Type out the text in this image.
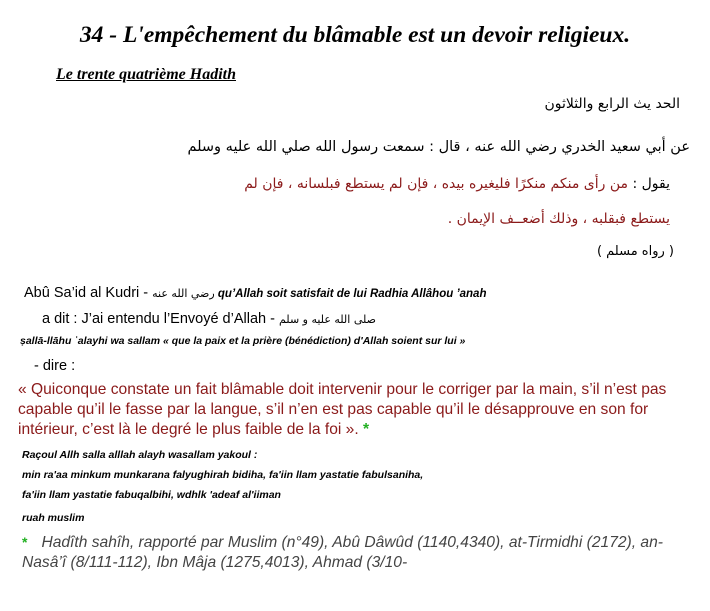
34 - L'empêchement du blâmable est un devoir religieux.
Le trente quatrième Hadith
الحد يث الرابع والثلاثون
عن أبي سعيد الخدري رضي الله عنه ، قال : سمعت رسول الله صلي الله عليه وسلم
يقول : من رأى منكم منكرًا فليغيره بيده ، فإن لم يستطع فبلسانه ، فإن لم
يستطع فبقلبه ، وذلك أضعــف الإيمان .
( رواه مسلم )
Abû Sa’id al Kudri - رضي الله عنه qu’Allah soit satisfait de lui Radhia Allâhou ’anah
a dit : J’ai entendu l’Envoyé d’Allah - صلى الله عليه و سلم
ṣallā-llāhu ʿalayhi wa sallam « que la paix et la prière (bénédiction) d'Allah soient sur lui »
- dire :
« Quiconque constate un fait blâmable doit intervenir pour le corriger par la main, s’il n’est pas capable qu’il le fasse par la langue, s’il n’en est pas capable qu’il le désapprouve en son for intérieur, c’est là le degré le plus faible de la foi ». *
Raçoul Allh salla alllah alayh wasallam yakoul :
min ra'aa minkum munkarana falyughirah bidiha, fa'iin llam yastatie fabulsaniha,
fa'iin llam yastatie fabuqalbihi, wdhlk 'adeaf al'iiman
ruah muslim
* Hadîth sahîh, rapporté par Muslim (n°49), Abû Dâwûd (1140,4340), at-Tirmidhi (2172), an-Nasâ’î (8/111-112), Ibn Mâja (1275,4013), Ahmad (3/10-
